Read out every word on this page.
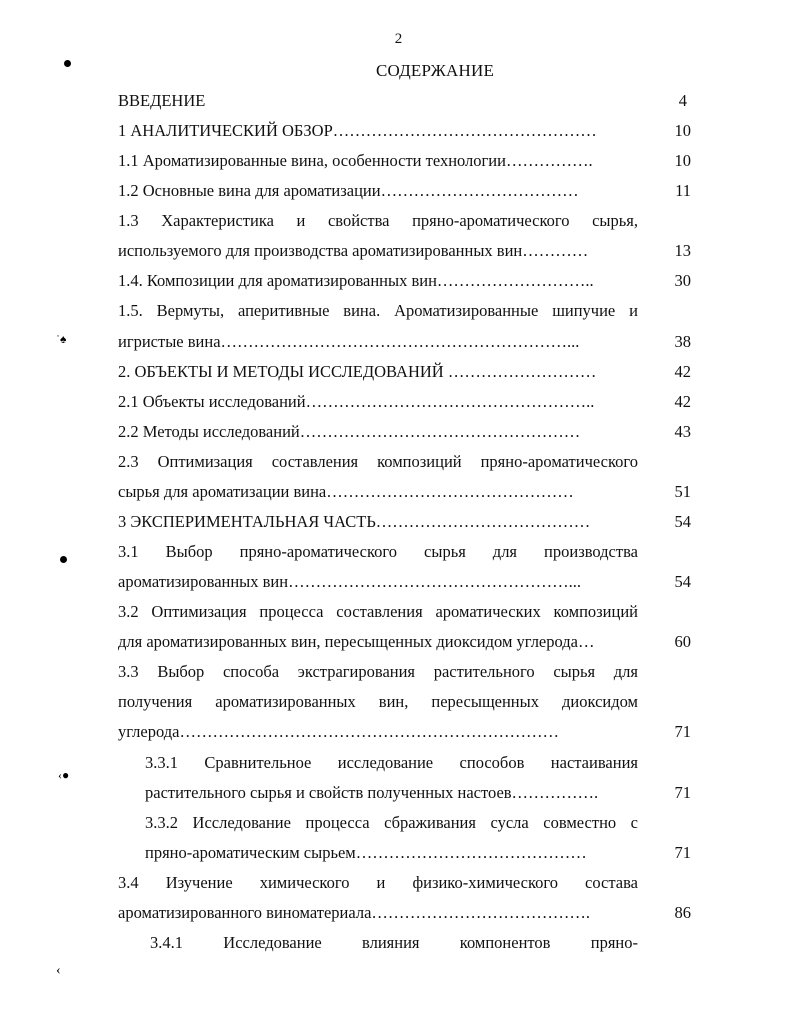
2
СОДЕРЖАНИЕ
ВВЕДЕНИЕ	4
1 АНАЛИТИЧЕСКИЙ ОБЗОР…………………………………………	10
1.1 Ароматизированные вина, особенности технологии…………….	10
1.2 Основные вина для ароматизации………………………………	11
1.3 Характеристика и свойства пряно-ароматического сырья,
используемого для производства ароматизированных вин…………	13
1.4. Композиции для ароматизированных вин………………………..	30
1.5. Вермуты, аперитивные вина. Ароматизированные шипучие и
игристые вина………………………………………………………...	38
2. ОБЪЕКТЫ И МЕТОДЫ ИССЛЕДОВАНИЙ ………………………	42
2.1 Объекты исследований……………………………………………..	42
2.2 Методы исследований……………………………………………	43
2.3 Оптимизация составления композиций пряно-ароматического
сырья для ароматизации вина………………………………………	51
3 ЭКСПЕРИМЕНТАЛЬНАЯ ЧАСТЬ…………………………………	54
3.1 Выбор пряно-ароматического сырья для производства
ароматизированных вин……………………………………………...	54
3.2 Оптимизация процесса составления ароматических композиций
для ароматизированных вин, пересыщенных диоксидом углерода…	60
3.3 Выбор способа экстрагирования растительного сырья для
получения ароматизированных вин, пересыщенных диоксидом
углерода……………………………………………………………	71
3.3.1 Сравнительное исследование способов настаивания
растительного сырья и свойств полученных настоев…………….	71
3.3.2 Исследование процесса сбраживания сусла совместно с
пряно-ароматическим сырьем……………………………………	71
3.4 Изучение химического и физико-химического состава
ароматизированного виноматериала………………………………….	86
3.4.1 Исследование влияния компонентов пряно-
˙♠
‹●
‹
